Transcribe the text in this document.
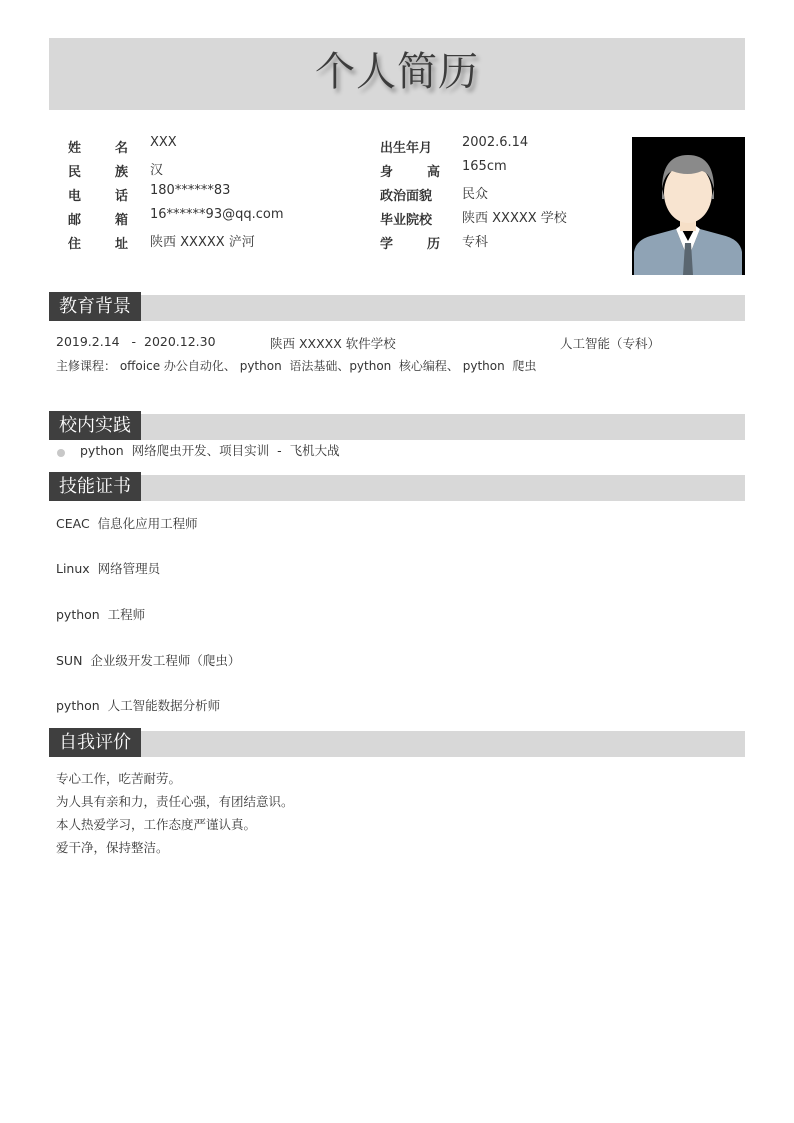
个人简历
姓	名 XXX
民	族 汉
电	话 180******83
邮	箱 16******93@qq.com
住	址 陕西 XXXXX 浐河
出生年月 2002.6.14
身	高 165cm
政治面貌 民众
毕业院校 陕西 XXXXX 学校
学	历 专科
教育背景
2019.2.14   -  2020.12.30	陕西 XXXXX 软件学校	人工智能（专科）
主修课程： offoice 办公自动化、 python  语法基础、python  核心编程、 python  爬虫
校内实践
python  网络爬虫开发、项目实训  -  飞机大战
技能证书
CEAC  信息化应用工程师
Linux  网络管理员
python  工程师
SUN  企业级开发工程师（爬虫）
python  人工智能数据分析师
自我评价
专心工作，吃苦耐劳。
为人具有亲和力，责任心强，有团结意识。
本人热爱学习，工作态度严谨认真。
爱干净，保持整洁。
